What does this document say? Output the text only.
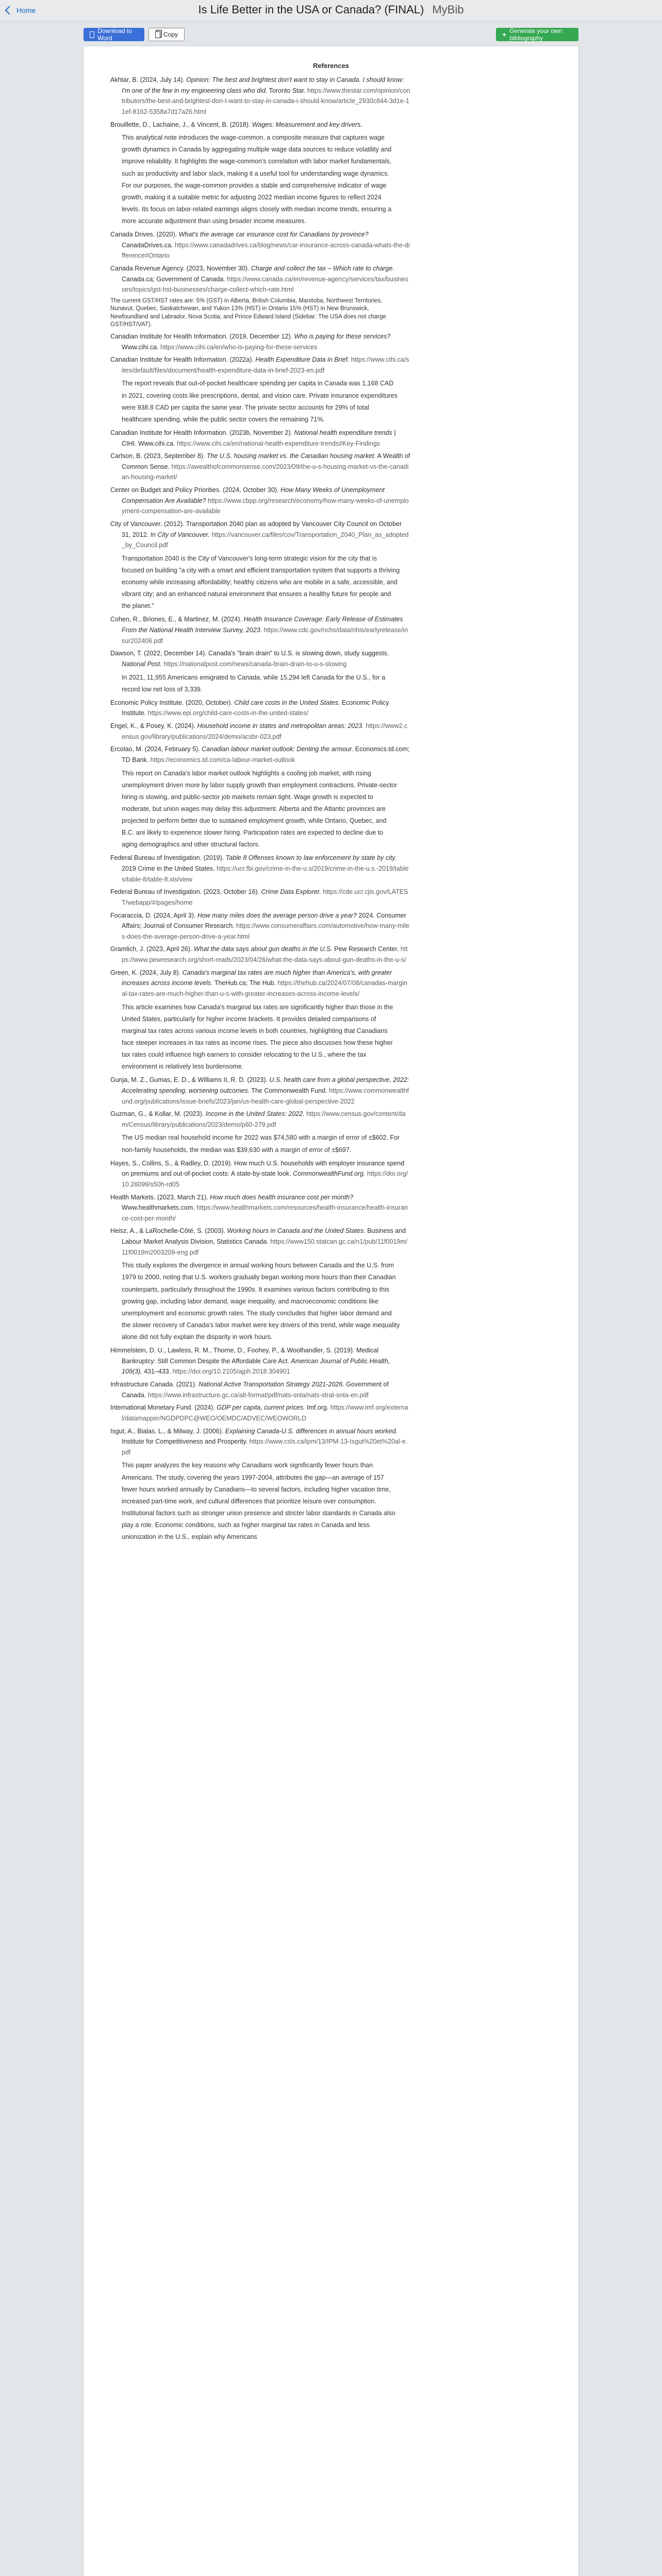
Home	Is Life Better in the USA or Canada? (FINAL) MyBib
Download to Word	Copy	+ Generate your own bibliography
References
Akhtar, B. (2024, July 14). Opinion: The best and brightest don't want to stay in Canada. I should know: I'm one of the few in my engineering class who did. Toronto Star. https://www.thestar.com/opinion/contributors/the-best-and-brightest-don-t-want-to-stay-in-canada-i-should-know/article_2930c844-3d1e-11ef-8162-5358a7d17a26.html
Brouillette, D., Lachaine, J., & Vincent, B. (2018). Wages: Measurement and key drivers.
This analytical note introduces the wage-common, a composite measure that captures wage growth dynamics in Canada by aggregating multiple wage data sources to reduce volatility and improve reliability. It highlights the wage-common's correlation with labor market fundamentals, such as productivity and labor slack, making it a useful tool for understanding wage dynamics. For our purposes, the wage-common provides a stable and comprehensive indicator of wage growth, making it a suitable metric for adjusting 2022 median income figures to reflect 2024 levels. Its focus on labor-related earnings aligns closely with median income trends, ensuring a more accurate adjustment than using broader income measures.
Canada Drives. (2020). What's the average car insurance cost for Canadians by province? CanadaDrives.ca. https://www.canadadrives.ca/blog/news/car-insurance-across-canada-whats-the-difference#Ontario
Canada Revenue Agency. (2023, November 30). Charge and collect the tax – Which rate to charge. Canada.ca; Government of Canada. https://www.canada.ca/en/revenue-agency/services/tax/businesses/topics/gst-hst-businesses/charge-collect-which-rate.html
The current GST/HST rates are: 5% (GST) in Alberta, British Columbia, Manitoba, Northwest Territories, Nunavut, Quebec, Saskatchewan, and Yukon 13% (HST) in Ontario 15% (HST) in New Brunswick, Newfoundland and Labrador, Nova Scotia, and Prince Edward Island (Sidebar: The USA does not charge GST/HST/VAT).
Canadian Institute for Health Information. (2019, December 12). Who is paying for these services? Www.cihi.ca. https://www.cihi.ca/en/who-is-paying-for-these-services
Canadian Institute for Health Information. (2022a). Health Expenditure Data in Brief. https://www.cihi.ca/sites/default/files/document/health-expenditure-data-in-brief-2023-en.pdf
The report reveals that out-of-pocket healthcare spending per capita in Canada was 1,168 CAD in 2021, covering costs like prescriptions, dental, and vision care. Private insurance expenditures were 938.8 CAD per capita the same year. The private sector accounts for 29% of total healthcare spending, while the public sector covers the remaining 71%.
Canadian Institute for Health Information. (2023b, November 2). National health expenditure trends | CIHI. Www.cihi.ca. https://www.cihi.ca/en/national-health-expenditure-trends#Key-Findings
Carlson, B. (2023, September 8). The U.S. housing market vs. the Canadian housing market. A Wealth of Common Sense. https://awealthofcommonsense.com/2023/09/the-u-s-housing-market-vs-the-canadian-housing-market/
Center on Budget and Policy Priorities. (2024, October 30). How Many Weeks of Unemployment Compensation Are Available? https://www.cbpp.org/research/economy/how-many-weeks-of-unemployment-compensation-are-available
City of Vancouver. (2012). Transportation 2040 plan as adopted by Vancouver City Council on October 31, 2012. In City of Vancouver. https://vancouver.ca/files/cov/Transportation_2040_Plan_as_adopted_by_Council.pdf
Transportation 2040 is the City of Vancouver's long-term strategic vision for the city that is focused on building "a city with a smart and efficient transportation system that supports a thriving economy while increasing affordability; healthy citizens who are mobile in a safe, accessible, and vibrant city; and an enhanced natural environment that ensures a healthy future for people and the planet."
Cohen, R., Briones, E., & Martinez, M. (2024). Health Insurance Coverage: Early Release of Estimates From the National Health Interview Survey, 2023. https://www.cdc.gov/nchs/data/nhis/earlyrelease/insur202406.pdf
Dawson, T. (2022, December 14). Canada's "brain drain" to U.S. is slowing down, study suggests. National Post. https://nationalpost.com/news/canada-brain-drain-to-u-s-slowing
In 2021, 11,955 Americans emigrated to Canada, while 15,294 left Canada for the U.S., for a record low net loss of 3,339.
Economic Policy Institute. (2020, October). Child care costs in the United States. Economic Policy Institute. https://www.epi.org/child-care-costs-in-the-united-states/
Engel, K., & Posey, K. (2024). Household income in states and metropolitan areas: 2023. https://www2.census.gov/library/publications/2024/demo/acsbr-023.pdf
Ercolao, M. (2024, February 5). Canadian labour market outlook: Denting the armour. Economics.td.com; TD Bank. https://economics.td.com/ca-labour-market-outlook
This report on Canada's labor market outlook highlights a cooling job market, with rising unemployment driven more by labor supply growth than employment contractions. Private-sector hiring is slowing, and public-sector job markets remain tight. Wage growth is expected to moderate, but union wages may delay this adjustment. Alberta and the Atlantic provinces are projected to perform better due to sustained employment growth, while Ontario, Quebec, and B.C. are likely to experience slower hiring. Participation rates are expected to decline due to aging demographics and other structural factors.
Federal Bureau of Investigation. (2019). Table 8 Offenses known to law enforcement by state by city. 2019 Crime in the United States. https://ucr.fbi.gov/crime-in-the-u.s/2019/crime-in-the-u.s.-2019/tables/table-8/table-8.xls/view
Federal Bureau of Investigation. (2023, October 16). Crime Data Explorer. https://cde.ucr.cjis.gov/LATEST/webapp/#/pages/home
Focaraccia, D. (2024, April 3). How many miles does the average person drive a year? 2024. Consumer Affairs; Journal of Consumer Research. https://www.consumeraffairs.com/automotive/how-many-miles-does-the-average-person-drive-a-year.html
Gramlich, J. (2023, April 26). What the data says about gun deaths in the U.S. Pew Research Center. https://www.pewresearch.org/short-reads/2023/04/26/what-the-data-says-about-gun-deaths-in-the-u-s/
Green, K. (2024, July 8). Canada's marginal tax rates are much higher than America's, with greater increases across income levels. TheHub.ca; The Hub. https://thehub.ca/2024/07/08/canadas-marginal-tax-rates-are-much-higher-than-u-s-with-greater-increases-across-income-levels/
This article examines how Canada's marginal tax rates are significantly higher than those in the United States, particularly for higher income brackets. It provides detailed comparisons of marginal tax rates across various income levels in both countries, highlighting that Canadians face steeper increases in tax rates as income rises. The piece also discusses how these higher tax rates could influence high earners to consider relocating to the U.S., where the tax environment is relatively less burdensome.
Gunja, M. Z., Gumas, E. D., & Williams II, R. D. (2023). U.S. health care from a global perspective, 2022: Accelerating spending, worsening outcomes. The Commonwealth Fund. https://www.commonwealthfund.org/publications/issue-briefs/2023/jan/us-health-care-global-perspective-2022
Guzman, G., & Kollar, M. (2023). Income in the United States: 2022. https://www.census.gov/content/dam/Census/library/publications/2023/demo/p60-279.pdf
The US median real household income for 2022 was $74,580 with a margin of error of ±$602. For non-family households, the median was $39,630 with a margin of error of ±$697.
Hayes, S., Collins, S., & Radley, D. (2019). How much U.S. households with employer insurance spend on premiums and out-of-pocket costs: A state-by-state look. CommonwealthFund.org. https://doi.org/10.26099/s50h-rd05
Health Markets. (2023, March 21). How much does health insurance cost per month? Www.healthmarkets.com. https://www.healthmarkets.com/resources/health-insurance/health-insurance-cost-per-month/
Heisz, A., & LaRochelle-Côté, S. (2003). Working hours in Canada and the United States. Business and Labour Market Analysis Division, Statistics Canada. https://www150.statcan.gc.ca/n1/pub/11f0019m/11f0019m2003209-eng.pdf
This study explores the divergence in annual working hours between Canada and the U.S. from 1979 to 2000, noting that U.S. workers gradually began working more hours than their Canadian counterparts, particularly throughout the 1990s. It examines various factors contributing to this growing gap, including labor demand, wage inequality, and macroeconomic conditions like unemployment and economic growth rates. The study concludes that higher labor demand and the slower recovery of Canada's labor market were key drivers of this trend, while wage inequality alone did not fully explain the disparity in work hours.
Himmelstein, D. U., Lawless, R. M., Thorne, D., Foohey, P., & Woolhandler, S. (2019). Medical Bankruptcy: Still Common Despite the Affordable Care Act. American Journal of Public Health, 109(3), 431–433. https://doi.org/10.2105/ajph.2018.304901
Infrastructure Canada. (2021). National Active Transportation Strategy 2021-2026. Government of Canada. https://www.infrastructure.gc.ca/alt-format/pdf/nats-snta/nats-strat-snta-en.pdf
International Monetary Fund. (2024). GDP per capita, current prices. Imf.org. https://www.imf.org/external/datamapper/NGDPDPC@WEO/OEMDC/ADVEC/WEOWORLD
Isgut, A., Bialas, L., & Milway, J. (2006). Explaining Canada-U.S. differences in annual hours worked. Institute for Competitiveness and Prosperity. https://www.csls.ca/ipm/13/IPM-13-Isgut%20et%20al-e.pdf
This paper analyzes the key reasons why Canadians work significantly fewer hours than Americans. The study, covering the years 1997-2004, attributes the gap—an average of 157 fewer hours worked annually by Canadians—to several factors, including higher vacation time, increased part-time work, and cultural differences that prioritize leisure over consumption. Institutional factors such as stronger union presence and stricter labor standards in Canada also play a role. Economic conditions, such as higher marginal tax rates in Canada and less unionization in the U.S., explain why Americans
